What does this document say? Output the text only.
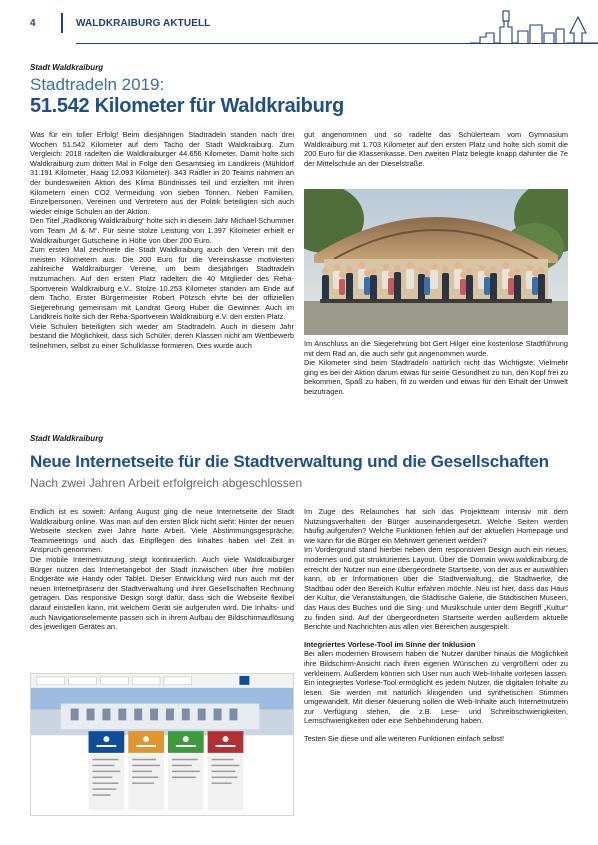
4	WALDKRAIBURG AKTUELL
Stadt Waldkraiburg
Stadtradeln 2019:
51.542 Kilometer für Waldkraiburg

Was für ein toller Erfolg! Beim diesjährigen Stadtradeln standen nach drei Wochen 51.542 Kilometer auf dem Tacho der Stadt Waldkraiburg. Zum Vergleich: 2018 radelten die Waldkraiburger 44.656 Kilometer. Damit holte sich Waldkraiburg zum dritten Mal in Folge den Gesamtsieg im Landkreis (Mühldorf 31.191 Kilometer, Haag 12.093 Kilometer). 343 Radler in 20 Teams nahmen an der bundesweiten Aktion des Klima Bündnisses teil und erzielten mit ihren Kilometern einen CO2 Vermeidung von sieben Tonnen. Neben Familien, Einzelpersonen, Vereinen und Vertretern aus der Politik beteiligten sich auch wieder einige Schulen an der Aktion.

Den Titel „Radlkönig Waldkraiburg“ holte sich in diesem Jahr Michael Schummer vom Team „M & M“. Für seine stolze Leistung von 1.397 Kilometer erhielt er Waldkraiburger Gutscheine in Höhe von über 200 Euro.

Zum ersten Mal zeichnete die Stadt Waldkraiburg auch den Verein mit den meisten Kilometern aus. Die 200 Euro für die Vereinskasse motivierten zahlreiche Waldkraiburger Vereine, um beim diesjährigen Stadtradeln mitzumachen. Auf den ersten Platz radelten die 40 Mitglieder des Reha-Sportverein Waldkraiburg e.V.. Stolze 10.253 Kilometer standen am Ende auf dem Tacho. Erster Bürgermeister Robert Pötzsch ehrte bei der offiziellen Siegerehrung gemeinsam mit Landrat Georg Huber die Gewinner. Auch im Landkreis holte sich der Reha-Sportverein Waldkraiburg e.V. den ersten Platz.

Viele Schulen beteiligten sich wieder am Stadtradeln. Auch in diesem Jahr bestand die Möglichkeit, dass sich Schüler, deren Klassen nicht am Wettbewerb teilnehmen, selbst zu einer Schulklasse formieren. Dies wurde auch

gut angenommen und so radelte das Schülerteam vom Gymnasium Waldkraiburg mit 1.703 Kilometer auf den ersten Platz und holte sich somit die 200 Euro für die Klassenkasse. Den zweiten Platz belegte knapp dahinter die 7e der Mittelschule an der Dieselstraße.

Im Anschluss an die Siegerehrung bot Gert Hilger eine kostenlose Stadtführung mit dem Rad an, die auch sehr gut angenommen wurde.

Die Kilometer sind beim Stadtradeln natürlich nicht das Wichtigste. Vielmehr ging es bei der Aktion darum etwas für seine Gesundheit zu tun, den Kopf frei zu bekommen, Spaß zu haben, fit zu werden und etwas für den Erhalt der Umwelt beizutragen.

Stadt Waldkraiburg
Neue Internetseite für die Stadtverwaltung und die Gesellschaften
Nach zwei Jahren Arbeit erfolgreich abgeschlossen

Endlich ist es soweit: Anfang August ging die neue Internetseite der Stadt Waldkraiburg online. Was man auf den ersten Blick nicht sieht: Hinter der neuen Webseite stecken zwei Jahre harte Arbeit. Viele Abstimmungsgespräche, Teammeetings und auch das Einpflegen des Inhaltes haben viel Zeit in Anspruch genommen.

Die mobile Internetnutzung steigt kontinuierlich. Auch viele Waldkraiburger Bürger nutzen das Internetangebot der Stadt inzwischen über ihre mobilen Endgeräte wie Handy oder Tablet. Dieser Entwicklung wird nun auch mit der neuen Internetpräsenz der Stadtverwaltung und ihrer Gesellschaften Rechnung getragen. Das responsive Design sorgt dafür, dass sich die Webseite flexibel darauf einstellen kann, mit welchem Gerät sie aufgerufen wird. Die Inhalts- und auch Navigationselemente passen sich in ihrem Aufbau der Bildschirmauflösung des jeweiligen Gerätes an.

Im Zuge des Relaunches hat sich das Projektteam intensiv mit dem Nutzungsverhalten der Bürger auseinandergesetzt. Welche Seiten werden häufig aufgerufen? Welche Funktionen fehlen auf der aktuellen Homepage und wie kann für die Bürger ein Mehrwert generiert werden?

Im Vordergrund stand hierbei neben dem responsiven Design auch ein neues, modernes und gut strukturiertes Layout. Über die Domain www.waldkraiburg.de erreicht der Nutzer nun eine übergeordnete Startseite, von der aus er auswählen kann, ob er Informationen über die Stadtverwaltung, die Stadtwerke, die Stadtbau oder den Bereich Kultur erfahren möchte. Neu ist hier, dass das Haus der Kultur, die Veranstaltungen, die Städtische Galerie, die Städtischen Museen, das Haus des Buches und die Sing- und Musikschule unter dem Begriff „Kultur“ zu finden sind. Auf der übergeordneten Startseite werden außerdem aktuelle Berichte und Nachrichten aus allen vier Bereichen ausgespielt.

Integriertes Vorlese-Tool im Sinne der Inklusion

Bei allen modernen Browsern haben die Nutzer darüber hinaus die Möglichkeit ihre Bildschirm-Ansicht nach ihren eigenen Wünschen zu vergrößern oder zu verkleinern. Außerdem können sich User nun auch Web-Inhalte vorlesen lassen. Ein integriertes Vorlese-Tool ermöglicht es jedem Nutzer, die digitalen Inhalte zu lesen. Sie werden mit natürlich klingenden und synthetischen Stimmen umgewandelt. Mit dieser Neuerung sollen die Web-Inhalte auch Internetnutzern zur Verfügung stehen, die z.B. Lese- und Schreibschwierigkeiten, Lernschwierigkeiten oder eine Sehbehinderung haben.

Testen Sie diese und alle weiteren Funktionen einfach selbst!
